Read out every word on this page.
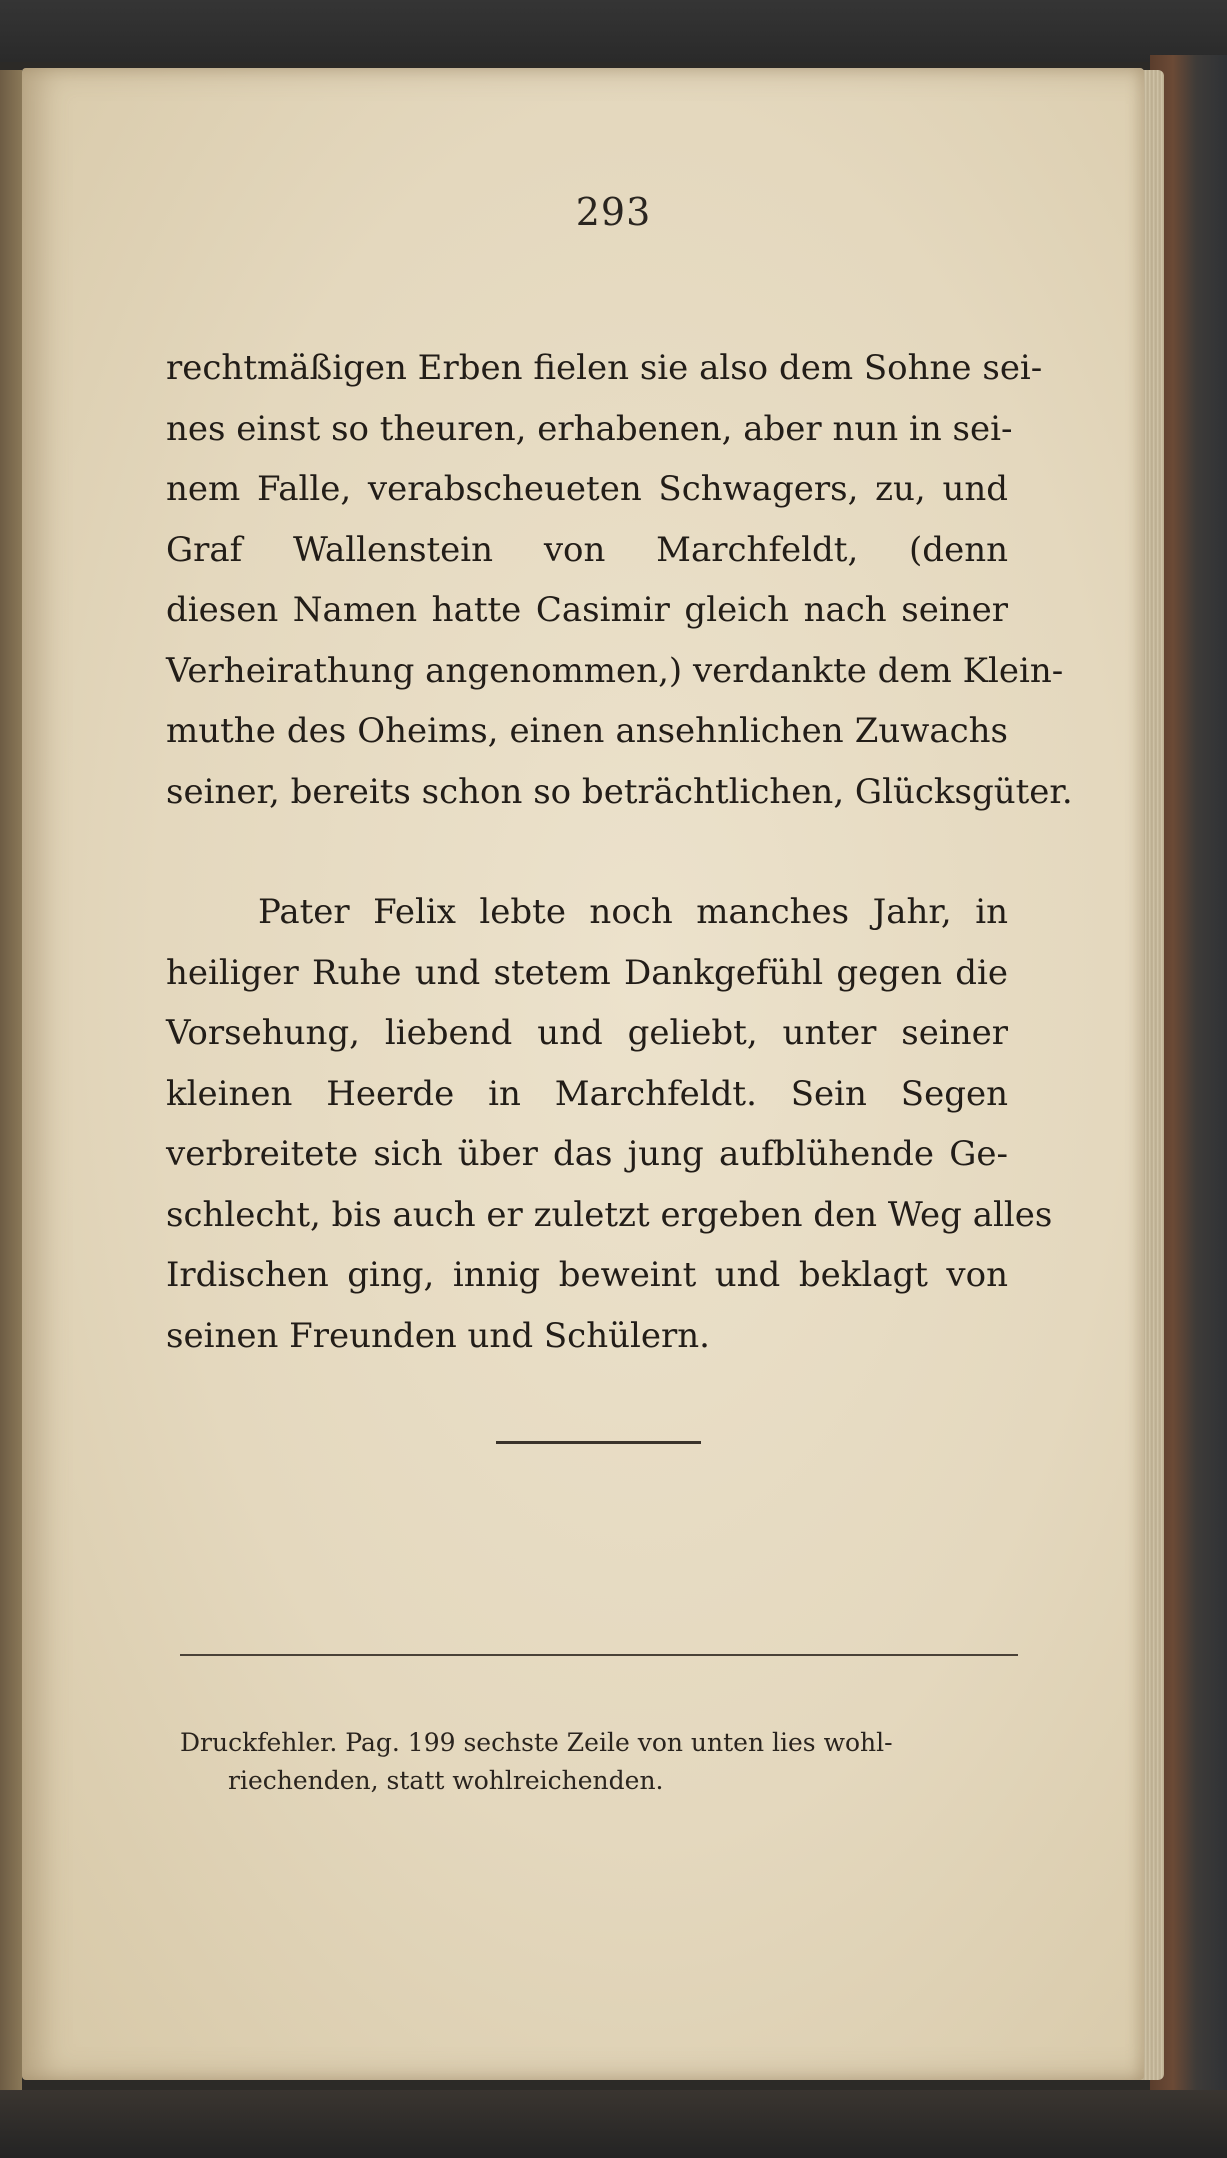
293
rechtmäßigen Erben fielen sie also dem Sohne sei-
nes einst so theuren, erhabenen, aber nun in sei-
nem Falle, verabscheueten Schwagers, zu, und
Graf Wallenstein von Marchfeldt, (denn
diesen Namen hatte Casimir gleich nach seiner
Verheirathung angenommen,) verdankte dem Klein-
muthe des Oheims, einen ansehnlichen Zuwachs
seiner, bereits schon so beträchtlichen, Glücksgüter.
Pater Felix lebte noch manches Jahr, in
heiliger Ruhe und stetem Dankgefühl gegen die
Vorsehung, liebend und geliebt, unter seiner
kleinen Heerde in Marchfeldt. Sein Segen
verbreitete sich über das jung aufblühende Ge-
schlecht, bis auch er zuletzt ergeben den Weg alles
Irdischen ging, innig beweint und beklagt von
seinen Freunden und Schülern.
Druckfehler. Pag. 199 sechste Zeile von unten lies wohl-
riechenden, statt wohlreichenden.
